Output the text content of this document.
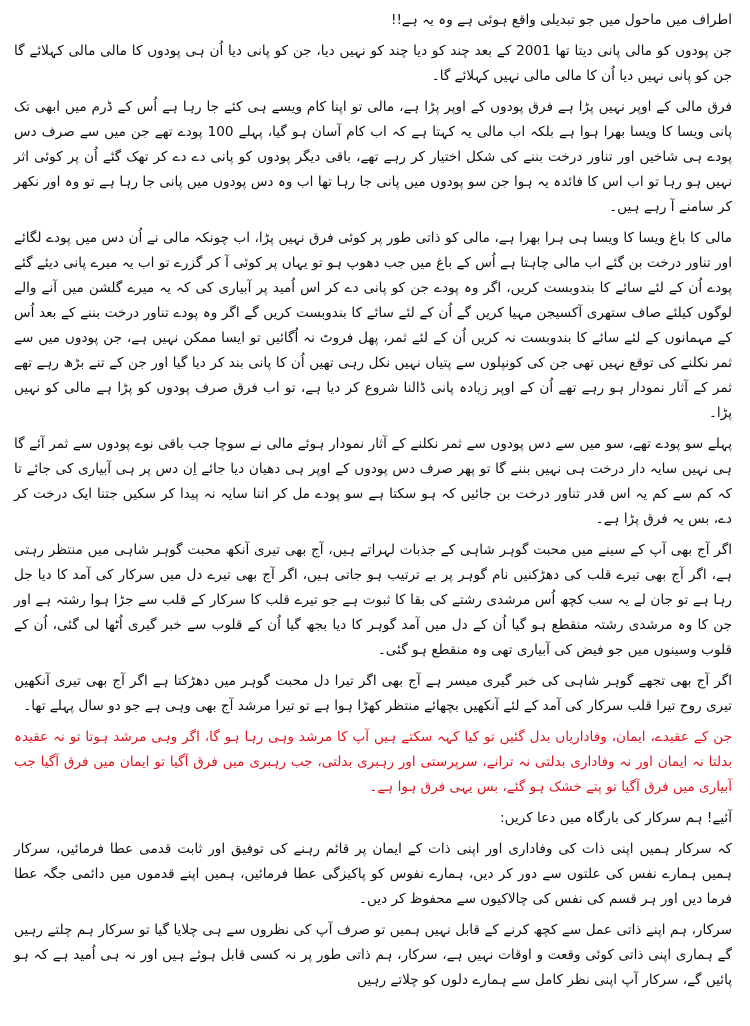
اطراف میں ماحول میں جو تبدیلی واقع ہوئی ہے وہ یہ ہے!!

جن پودوں کو مالی پانی دیتا تھا 2001 کے بعد چند کو دیا چند کو نہیں دیا، جن کو پانی دیا اُن ہی پودوں کا مالی مالی کہلائے گا جن کو پانی نہیں دیا اُن کا مالی مالی نہیں کہلائے گا۔

فرق مالی کے اوپر نہیں پڑا ہے فرق پودوں کے اوپر پڑا ہے، مالی تو اپنا کام ویسے ہی کئے جا رہا ہے اُس کے ڈرم میں ابھی تک پانی ویسا کا ویسا بھرا ہوا ہے بلکہ اب مالی یہ کہتا ہے کہ اب کام آسان ہو گیا، پہلے 100 پودے تھے جن میں سے صرف دس پودے ہی شاخیں اور تناور درخت بننے کی شکل اختیار کر رہے تھے، باقی دیگر پودوں کو پانی دے دے کر تھک گئے اُن پر کوئی اثر نہیں ہو رہا تو اب اس کا فائدہ یہ ہوا جن سو پودوں میں پانی جا رہا تھا اب وہ دس پودوں میں پانی جا رہا ہے تو وہ اور نکھر کر سامنے آ رہے ہیں۔

مالی کا باغ ویسا کا ویسا ہی ہرا بھرا ہے، مالی کو ذاتی طور پر کوئی فرق نہیں پڑا، اب چونکہ مالی نے اُن دس میں پودے لگائے اور تناور درخت بن گئے اب مالی چاہتا ہے اُس کے باغ میں جب دھوپ ہو تو یہاں پر کوئی آ کر گزرے تو اب یہ میرے پانی دیئے گئے پودے اُن کے لئے سائے کا بندوبست کریں، اگر وہ پودے جن کو پانی دے کر اس اُمید پر آبیاری کی کہ یہ میرے گلشن میں آنے والے لوگوں کیلئے صاف ستھری آکسیجن مہیا کریں گے اُن کے لئے سائے کا بندوبست کریں گے اگر وہ پودے تناور درخت بننے کے بعد اُس کے مہمانوں کے لئے سائے کا بندوبست نہ کریں اُن کے لئے ثمر، پھل فروٹ نہ اُگائیں تو ایسا ممکن نہیں ہے، جن پودوں میں سے ثمر نکلنے کی توقع نہیں تھی جن کی کونپلوں سے پتیاں نہیں نکل رہی تھیں اُن کا پانی بند کر دیا گیا اور جن کے تنے بڑھ رہے تھے ثمر کے آثار نمودار ہو رہے تھے اُن کے اوپر زیادہ پانی ڈالنا شروع کر دیا ہے، تو اب فرق صرف پودوں کو پڑا ہے مالی کو نہیں پڑا۔

پہلے سو پودے تھے، سو میں سے دس پودوں سے ثمر نکلنے کے آثار نمودار ہوئے مالی نے سوچا جب باقی نوے پودوں سے ثمر آئے گا ہی نہیں سایہ دار درخت ہی نہیں بننے گا تو پھر صرف دس پودوں کے اوپر ہی دھیان دیا جائے اِن دس پر ہی آبیاری کی جائے تا کہ کم سے کم یہ اس قدر تناور درخت بن جائیں کہ ہو سکتا ہے سو پودے مل کر اتنا سایہ نہ پیدا کر سکیں جتنا ایک درخت کر دے، بس یہ فرق پڑا ہے۔

اگر آج بھی آپ کے سینے میں محبت گوہر شاہی کے جذبات لہراتے ہیں، آج بھی تیری آنکھ محبت گوہر شاہی میں منتظر رہتی ہے، اگر آج بھی تیرے قلب کی دھڑکنیں نام گوہر پر بے ترتیب ہو جاتی ہیں، اگر آج بھی تیرے دل میں سرکار کی آمد کا دیا جل رہا ہے تو جان لے یہ سب کچھ اُس مرشدی رشتے کی بقا کا ثبوت ہے جو تیرے قلب کا سرکار کے قلب سے جڑا ہوا رشتہ ہے اور جن کا وہ مرشدی رشتہ منقطع ہو گیا اُن کے دل میں آمد گوہر کا دیا بجھ گیا اُن کے قلوب سے خبر گیری اُٹھا لی گئی، اُن کے قلوب وسینوں میں جو فیض کی آبیاری تھی وہ منقطع ہو گئی۔

اگر آج بھی تجھے گوہر شاہی کی خبر گیری میسر ہے آج بھی اگر تیرا دل محبت گوہر میں دھڑکتا ہے اگر آج بھی تیری آنکھیں تیری روح تیرا قلب سرکار کی آمد کے لئے آنکھیں بچھائے منتظر کھڑا ہوا ہے تو تیرا مرشد آج بھی وہی ہے جو دو سال پہلے تھا۔

جن کے عقیدے، ایمان، وفاداریاں بدل گئیں تو کیا کہہ سکتے ہیں آپ کا مرشد وہی رہا ہو گا، اگر وہی مرشد ہوتا تو نہ عقیدہ بدلتا نہ ایمان اور نہ وفاداری بدلتی نہ ترانے، سرپرستی اور رہبری بدلتی، جب رہبری میں فرق آگیا تو ایمان میں فرق آگیا جب آبیاری میں فرق آگیا تو پتے خشک ہو گئے، بس یہی فرق ہوا ہے۔

آئیے! ہم سرکار کی بارگاہ میں دعا کریں:

کہ سرکار ہمیں اپنی ذات کی وفاداری اور اپنی ذات کے ایمان پر قائم رہنے کی توفیق اور ثابت قدمی عطا فرمائیں، سرکار ہمیں ہمارے نفس کی علتوں سے دور کر دیں، ہمارے نفوس کو پاکیزگی عطا فرمائیں، ہمیں اپنے قدموں میں دائمی جگہ عطا فرما دیں اور ہر قسم کی نفس کی چالاکیوں سے محفوظ کر دیں۔

سرکار، ہم اپنے ذاتی عمل سے کچھ کرنے کے قابل نہیں ہمیں تو صرف آپ کی نظروں سے ہی چلایا گیا تو سرکار ہم چلتے رہیں گے ہماری اپنی ذاتی کوئی وقعت و اوقات نہیں ہے، سرکار، ہم ذاتی طور پر نہ کسی قابل ہوئے ہیں اور نہ ہی اُمید ہے کہ ہو پائیں گے، سرکار آپ اپنی نظر کامل سے ہمارے دلوں کو چلاتے رہیں
